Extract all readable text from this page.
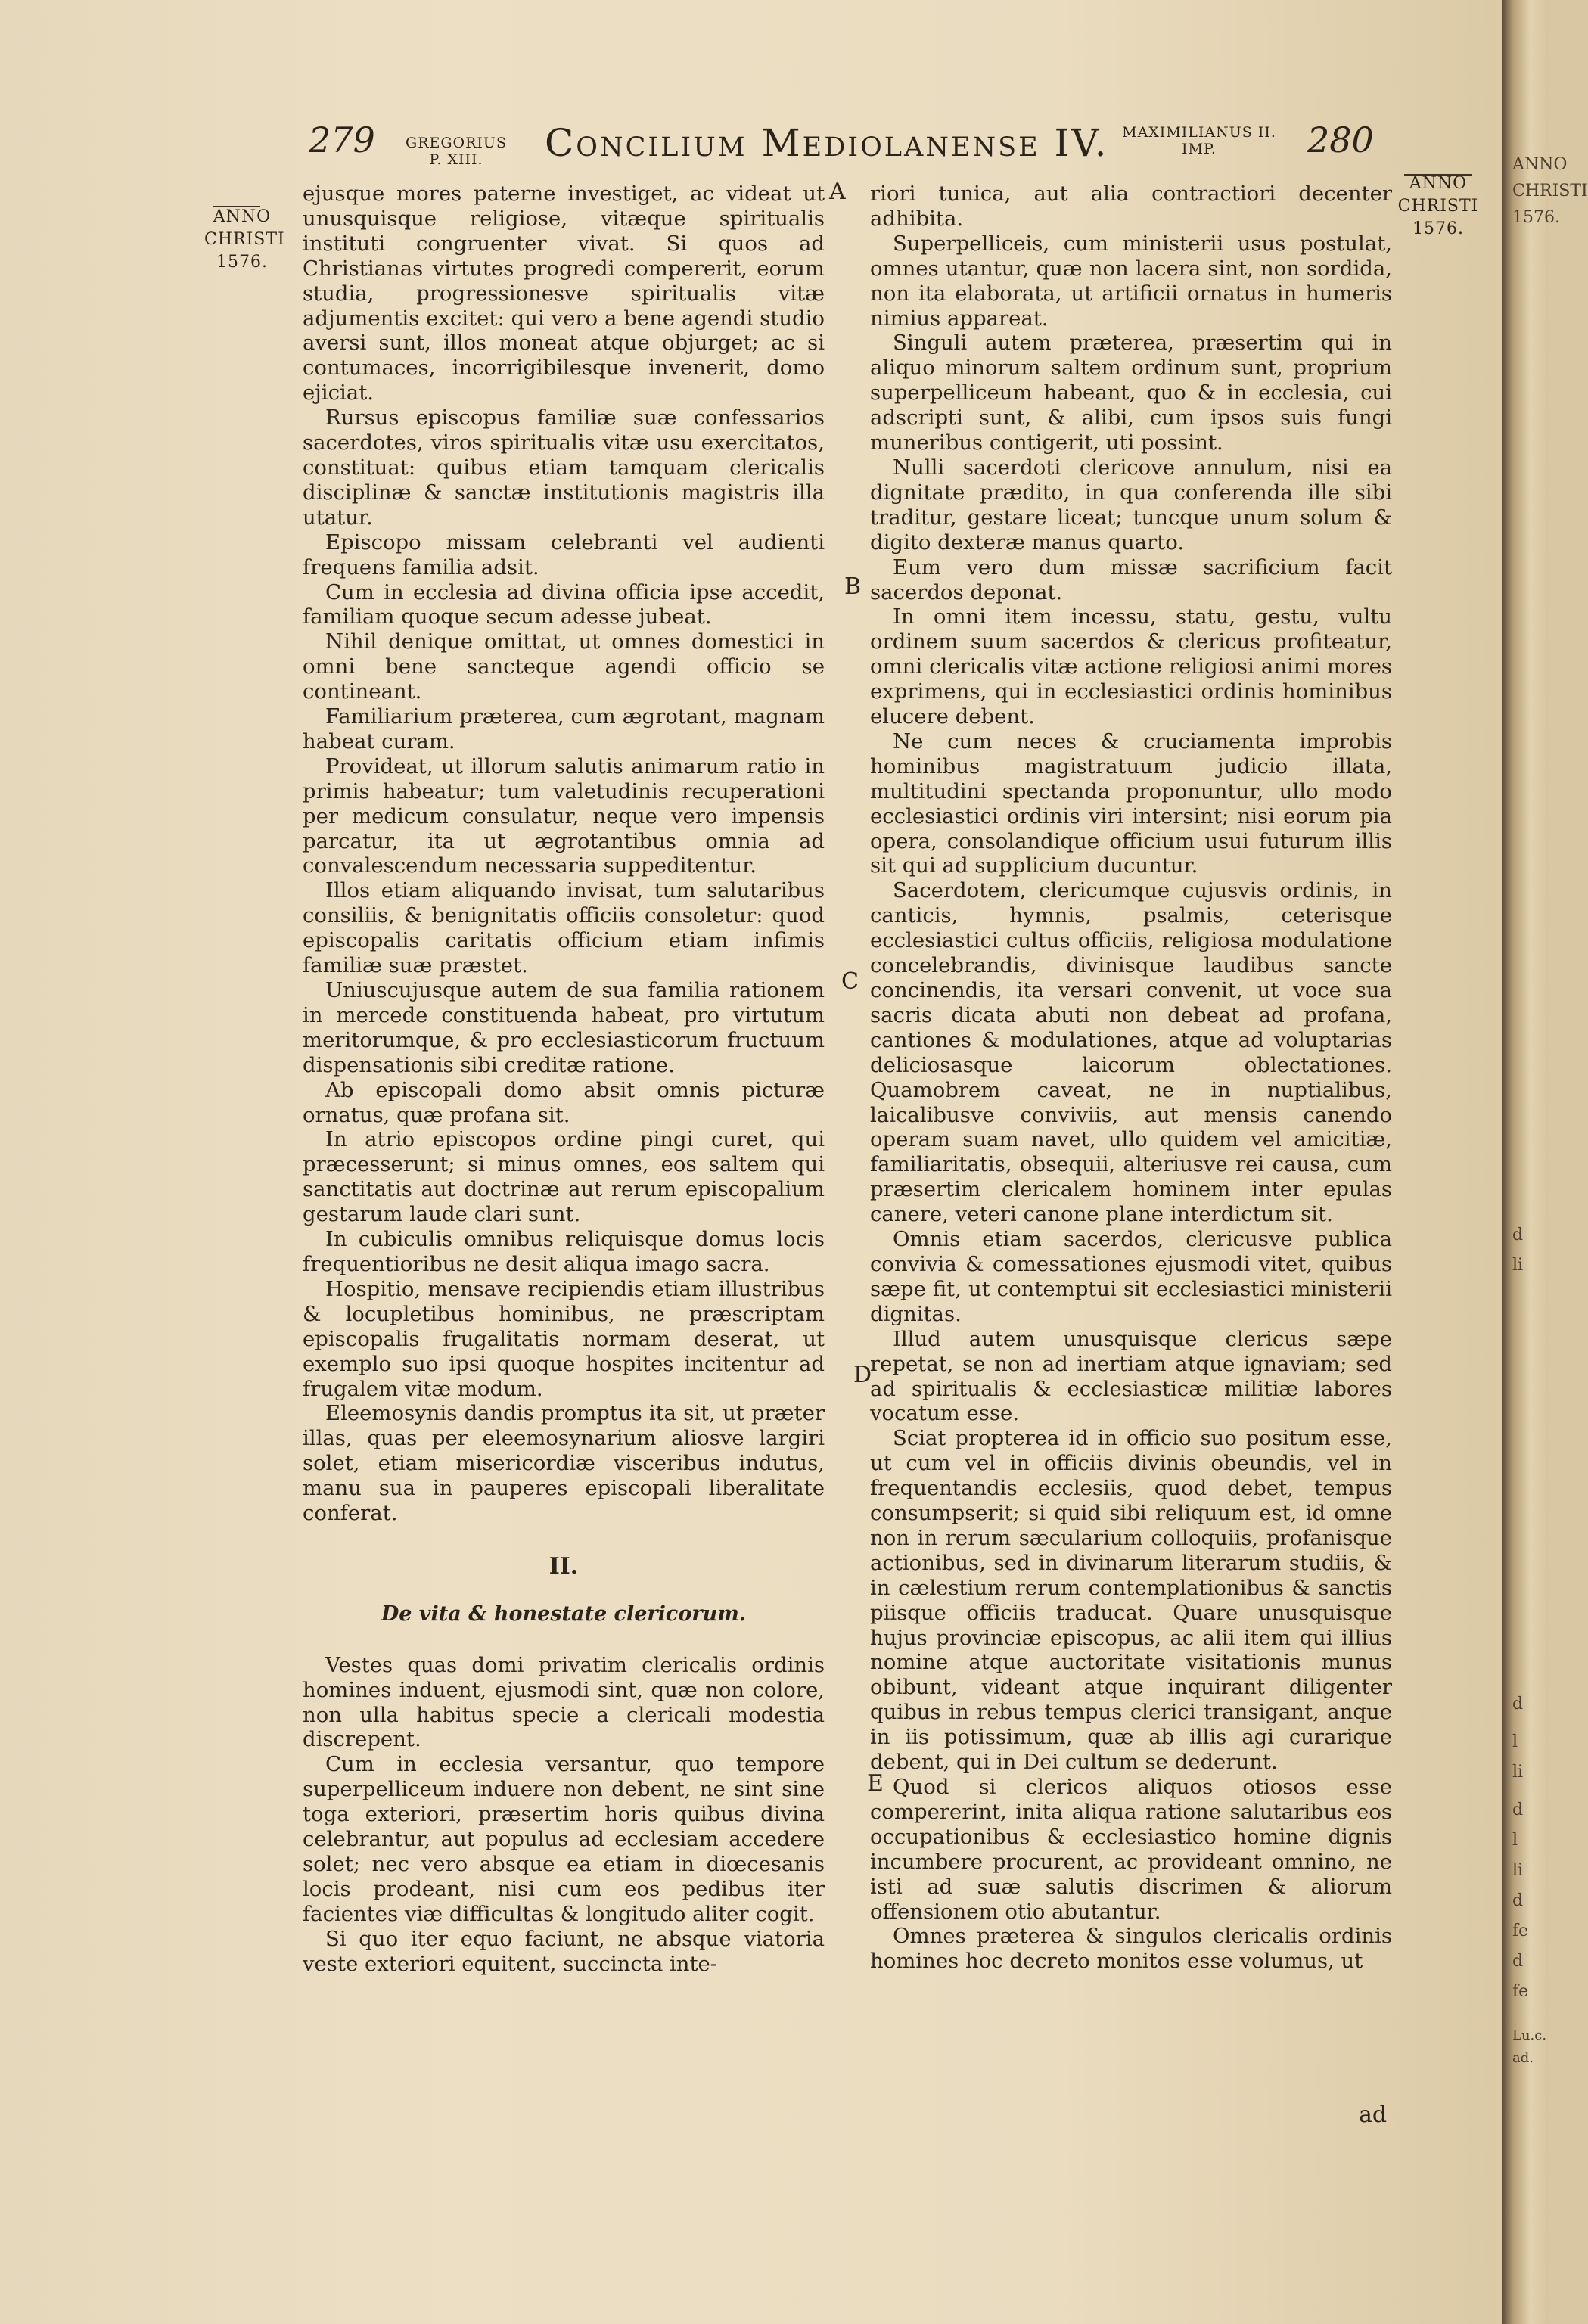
279	GREGORIUS
P. XIII.	Concilium Mediolanense IV. MAXIMILIANUS II.
IMP.	280
ANNO
CHRISTI
1576.
ANNO
CHRISTI
1576.
A
B
C
D
E

ejusque mores paterne investiget, ac videat ut unusquisque religiose, vitæque spiritualis instituti congruenter vivat. Si quos ad Christianas virtutes progredi compererit, eorum studia, progressionesve spiritualis vitæ adjumentis excitet: qui vero a bene agendi studio aversi sunt, illos moneat atque objurget; ac si contumaces, incorrigibilesque invenerit, domo ejiciat.

Rursus episcopus familiæ suæ confessarios sacerdotes, viros spiritualis vitæ usu exercitatos, constituat: quibus etiam tamquam clericalis disciplinæ & sanctæ institutionis magistris illa utatur.

Episcopo missam celebranti vel audienti frequens familia adsit.

Cum in ecclesia ad divina officia ipse accedit, familiam quoque secum adesse jubeat.

Nihil denique omittat, ut omnes domestici in omni bene sancteque agendi officio se contineant.

Familiarium præterea, cum ægrotant, magnam habeat curam.

Provideat, ut illorum salutis animarum ratio in primis habeatur; tum valetudinis recuperationi per medicum consulatur, neque vero impensis parcatur, ita ut ægrotantibus omnia ad convalescendum necessaria suppeditentur.

Illos etiam aliquando invisat, tum salutaribus consiliis, & benignitatis officiis consoletur: quod episcopalis caritatis officium etiam infimis familiæ suæ præstet.

Uniuscujusque autem de sua familia rationem in mercede constituenda habeat, pro virtutum meritorumque, & pro ecclesiasticorum fructuum dispensationis sibi creditæ ratione.

Ab episcopali domo absit omnis picturæ ornatus, quæ profana sit.

In atrio episcopos ordine pingi curet, qui præcesserunt; si minus omnes, eos saltem qui sanctitatis aut doctrinæ aut rerum episcopalium gestarum laude clari sunt.

In cubiculis omnibus reliquisque domus locis frequentioribus ne desit aliqua imago sacra.

Hospitio, mensave recipiendis etiam illustribus & locupletibus hominibus, ne præscriptam episcopalis frugalitatis normam deserat, ut exemplo suo ipsi quoque hospites incitentur ad frugalem vitæ modum.

Eleemosynis dandis promptus ita sit, ut præter illas, quas per eleemosynarium aliosve largiri solet, etiam misericordiæ visceribus indutus, manu sua in pauperes episcopali liberalitate conferat.

II.
De vita & honestate clericorum.

Vestes quas domi privatim clericalis ordinis homines induent, ejusmodi sint, quæ non colore, non ulla habitus specie a clericali modestia discrepent.

Cum in ecclesia versantur, quo tempore superpelliceum induere non debent, ne sint sine toga exteriori, præsertim horis quibus divina celebrantur, aut populus ad ecclesiam accedere solet; nec vero absque ea etiam in diœcesanis locis prodeant, nisi cum eos pedibus iter facientes viæ difficultas & longitudo aliter cogit.

Si quo iter equo faciunt, ne absque viatoria veste exteriori equitent, succincta inte-

riori tunica, aut alia contractiori decenter adhibita.

Superpelliceis, cum ministerii usus postulat, omnes utantur, quæ non lacera sint, non sordida, non ita elaborata, ut artificii ornatus in humeris nimius appareat.

Singuli autem præterea, præsertim qui in aliquo minorum saltem ordinum sunt, proprium superpelliceum habeant, quo & in ecclesia, cui adscripti sunt, & alibi, cum ipsos suis fungi muneribus contigerit, uti possint.

Nulli sacerdoti clericove annulum, nisi ea dignitate prædito, in qua conferenda ille sibi traditur, gestare liceat; tuncque unum solum & digito dexteræ manus quarto.

Eum vero dum missæ sacrificium facit sacerdos deponat.

In omni item incessu, statu, gestu, vultu ordinem suum sacerdos & clericus profiteatur, omni clericalis vitæ actione religiosi animi mores exprimens, qui in ecclesiastici ordinis hominibus elucere debent.

Ne cum neces & cruciamenta improbis hominibus magistratuum judicio illata, multitudini spectanda proponuntur, ullo modo ecclesiastici ordinis viri intersint; nisi eorum pia opera, consolandique officium usui futurum illis sit qui ad supplicium ducuntur.

Sacerdotem, clericumque cujusvis ordinis, in canticis, hymnis, psalmis, ceterisque ecclesiastici cultus officiis, religiosa modulatione concelebrandis, divinisque laudibus sancte concinendis, ita versari convenit, ut voce sua sacris dicata abuti non debeat ad profana, cantiones & modulationes, atque ad voluptarias deliciosasque laicorum oblectationes. Quamobrem caveat, ne in nuptialibus, laicalibusve conviviis, aut mensis canendo operam suam navet, ullo quidem vel amicitiæ, familiaritatis, obsequii, alteriusve rei causa, cum præsertim clericalem hominem inter epulas canere, veteri canone plane interdictum sit.

Omnis etiam sacerdos, clericusve publica convivia & comessationes ejusmodi vitet, quibus sæpe fit, ut contemptui sit ecclesiastici ministerii dignitas.

Illud autem unusquisque clericus sæpe repetat, se non ad inertiam atque ignaviam; sed ad spiritualis & ecclesiasticæ militiæ labores vocatum esse.

Sciat propterea id in officio suo positum esse, ut cum vel in officiis divinis obeundis, vel in frequentandis ecclesiis, quod debet, tempus consumpserit; si quid sibi reliquum est, id omne non in rerum sæcularium colloquiis, profanisque actionibus, sed in divinarum literarum studiis, & in cælestium rerum contemplationibus & sanctis piisque officiis traducat. Quare unusquisque hujus provinciæ episcopus, ac alii item qui illius nomine atque auctoritate visitationis munus obibunt, videant atque inquirant diligenter quibus in rebus tempus clerici transigant, anque in iis potissimum, quæ ab illis agi curarique debent, qui in Dei cultum se dederunt.

Quod si clericos aliquos otiosos esse compererint, inita aliqua ratione salutaribus eos occupationibus & ecclesiastico homine dignis incumbere procurent, ac provideant omnino, ne isti ad suæ salutis discrimen & aliorum offensionem otio abutantur.

Omnes præterea & singulos clericalis ordinis homines hoc decreto monitos esse volumus, ut

ad
ANNO
CHRISTI
1576.
d
li
d
l
li
d
l
li
d
fe
d
fe
Lu.c.
ad.
